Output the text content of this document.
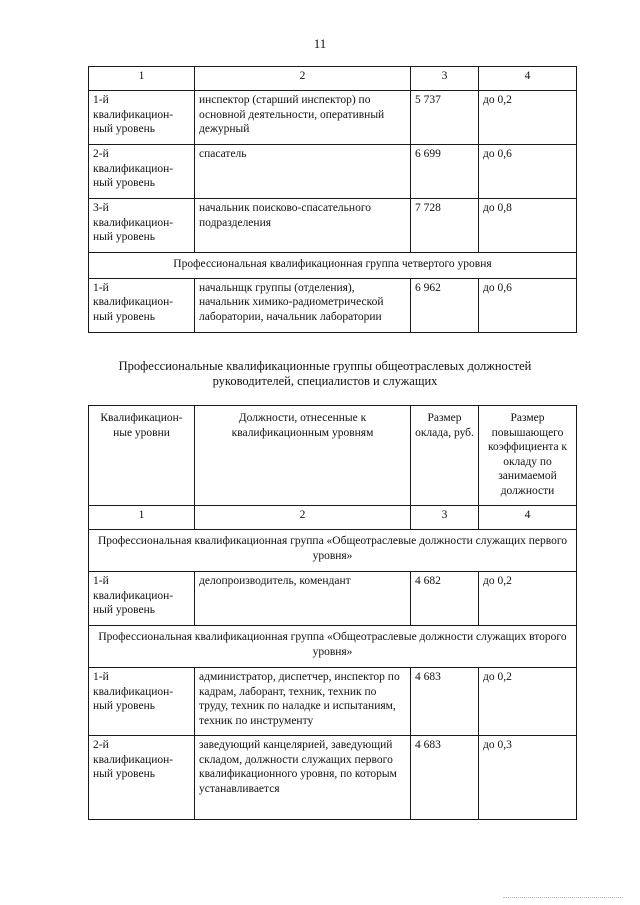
11
1	2	3	4
1-й квалификацион-ный уровень	инспектор (старший инспектор) по основной деятельности, оперативный дежурный	5 737	до 0,2
2-й квалификацион-ный уровень	спасатель	6 699	до 0,6
3-й квалификацион-ный уровень	начальник поисково-спасательного подразделения	7 728	до 0,8
Профессиональная квалификационная группа четвертого уровня			
1-й квалификацион-ный уровень	начальнщк группы (отделения), начальник химико-радиометрической лаборатории, начальник лаборатории	6 962	до 0,6
Профессиональные квалификационные группы общеотраслевых должностей руководителей, специалистов и служащих
Квалификацион-ные уровни	Должности, отнесенные к квалификационным уровням	Размер оклада, руб.	Размер повышающего коэффициента к окладу по занимаемой должности
1	2	3	4
Профессиональная квалификационная группа «Общеотраслевые должности служащих первого уровня»			
1-й квалификацион-ный уровень	делопроизводитель, комендант	4 682	до 0,2
Профессиональная квалификационная группа «Общеотраслевые должности служащих второго уровня»			
1-й квалификацион-ный уровень	администратор, диспетчер, инспектор по кадрам, лаборант, техник, техник по труду, техник по наладке и испытаниям, техник по инструменту	4 683	до 0,2
2-й квалификацион-ный уровень	заведующий канцелярией, заведующий складом, должности служащих первого квалификационного уровня, по которым устанавливается	4 683	до 0,3
